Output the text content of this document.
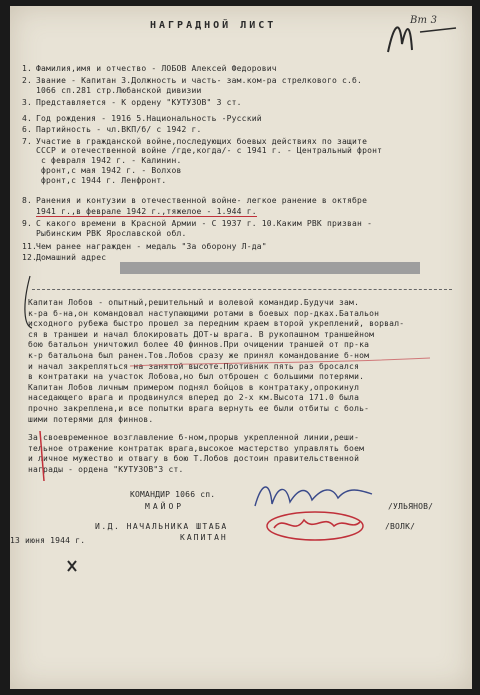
НАГРАДНОЙ ЛИСТ	Вт 3
1. Фамилия,имя и отчество - ЛОБОВ Алексей Федорович
2. Звание - Капитан 3.Должность и часть- зам.ком-ра стрелкового с.б.
1066 сп.281 стр.Любанской дивизии
3. Представляется - К ордену "КУТУЗОВ" 3 ст.
4. Год рождения - 1916 5.Национальность -Русский
6. Партийность - чл.ВКП/б/ с 1942 г.
7. Участие в гражданской войне,последующих боевых действиях по защите
СССР и отечественной войне /где,когда/- с 1941 г. - Центральный фронт
с февраля 1942 г. - Калинин.
фронт,с мая 1942 г. - Волхов
фронт,с 1944 г. Ленфронт.
8. Ранения и контузии в отечественной войне- легкое ранение в октябре
1941 г.,в феврале 1942 г.,тяжелое - 1.944 г.
9. С какого времени в Красной Армии - С 1937 г. 10.Каким РВК призван -
Рыбинским РВК Ярославской обл.
11.Чем ранее награжден - медаль "За оборону Л-да"
12.Домашний адрес
Капитан Лобов - опытный,решительный и волевой командир.Будучи зам.
к-ра б-на,он командовал наступающими ротами в боевых пор-дках.Батальон
исходного рубежа быстро прошел за передним краем второй укреплений, ворвал-
ся в траншеи и начал блокировать ДОТ-ы врага. В рукопашном траншейном
бою батальон уничтожил более 40 финнов.При очищении траншей от пр-ка
к-р батальона был ранен.Тов.Лобов сразу же принял командование б-ном
и начал закрепляться на занятой высоте.Противник пять раз бросался
в контратаки на участок Лобова,но был отброшен с большими потерями.
Капитан Лобов личным примером поднял бойцов в контратаку,опрокинул
наседающего врага и продвинулся вперед до 2-х км.Высота 171.0 была
прочно закреплена,и все попытки врага вернуть ее были отбиты с боль-
шими потерями для финнов.
За своевременное возглавление б-ном,прорыв укрепленной линии,реши-
тельное отражение контратак врага,высокое мастерство управлять боем
и личное мужество и отвагу в бою Т.Лобов достоин правительственной
награды - ордена "КУТУЗОВ"3 ст.
КОМАНДИР 1066 сп.
МАЙОР	/УЛЬЯНОВ/
И.Д. НАЧАЛЬНИКА ШТАБА
КАПИТАН
/ВОЛК/
13 июня 1944 г.
